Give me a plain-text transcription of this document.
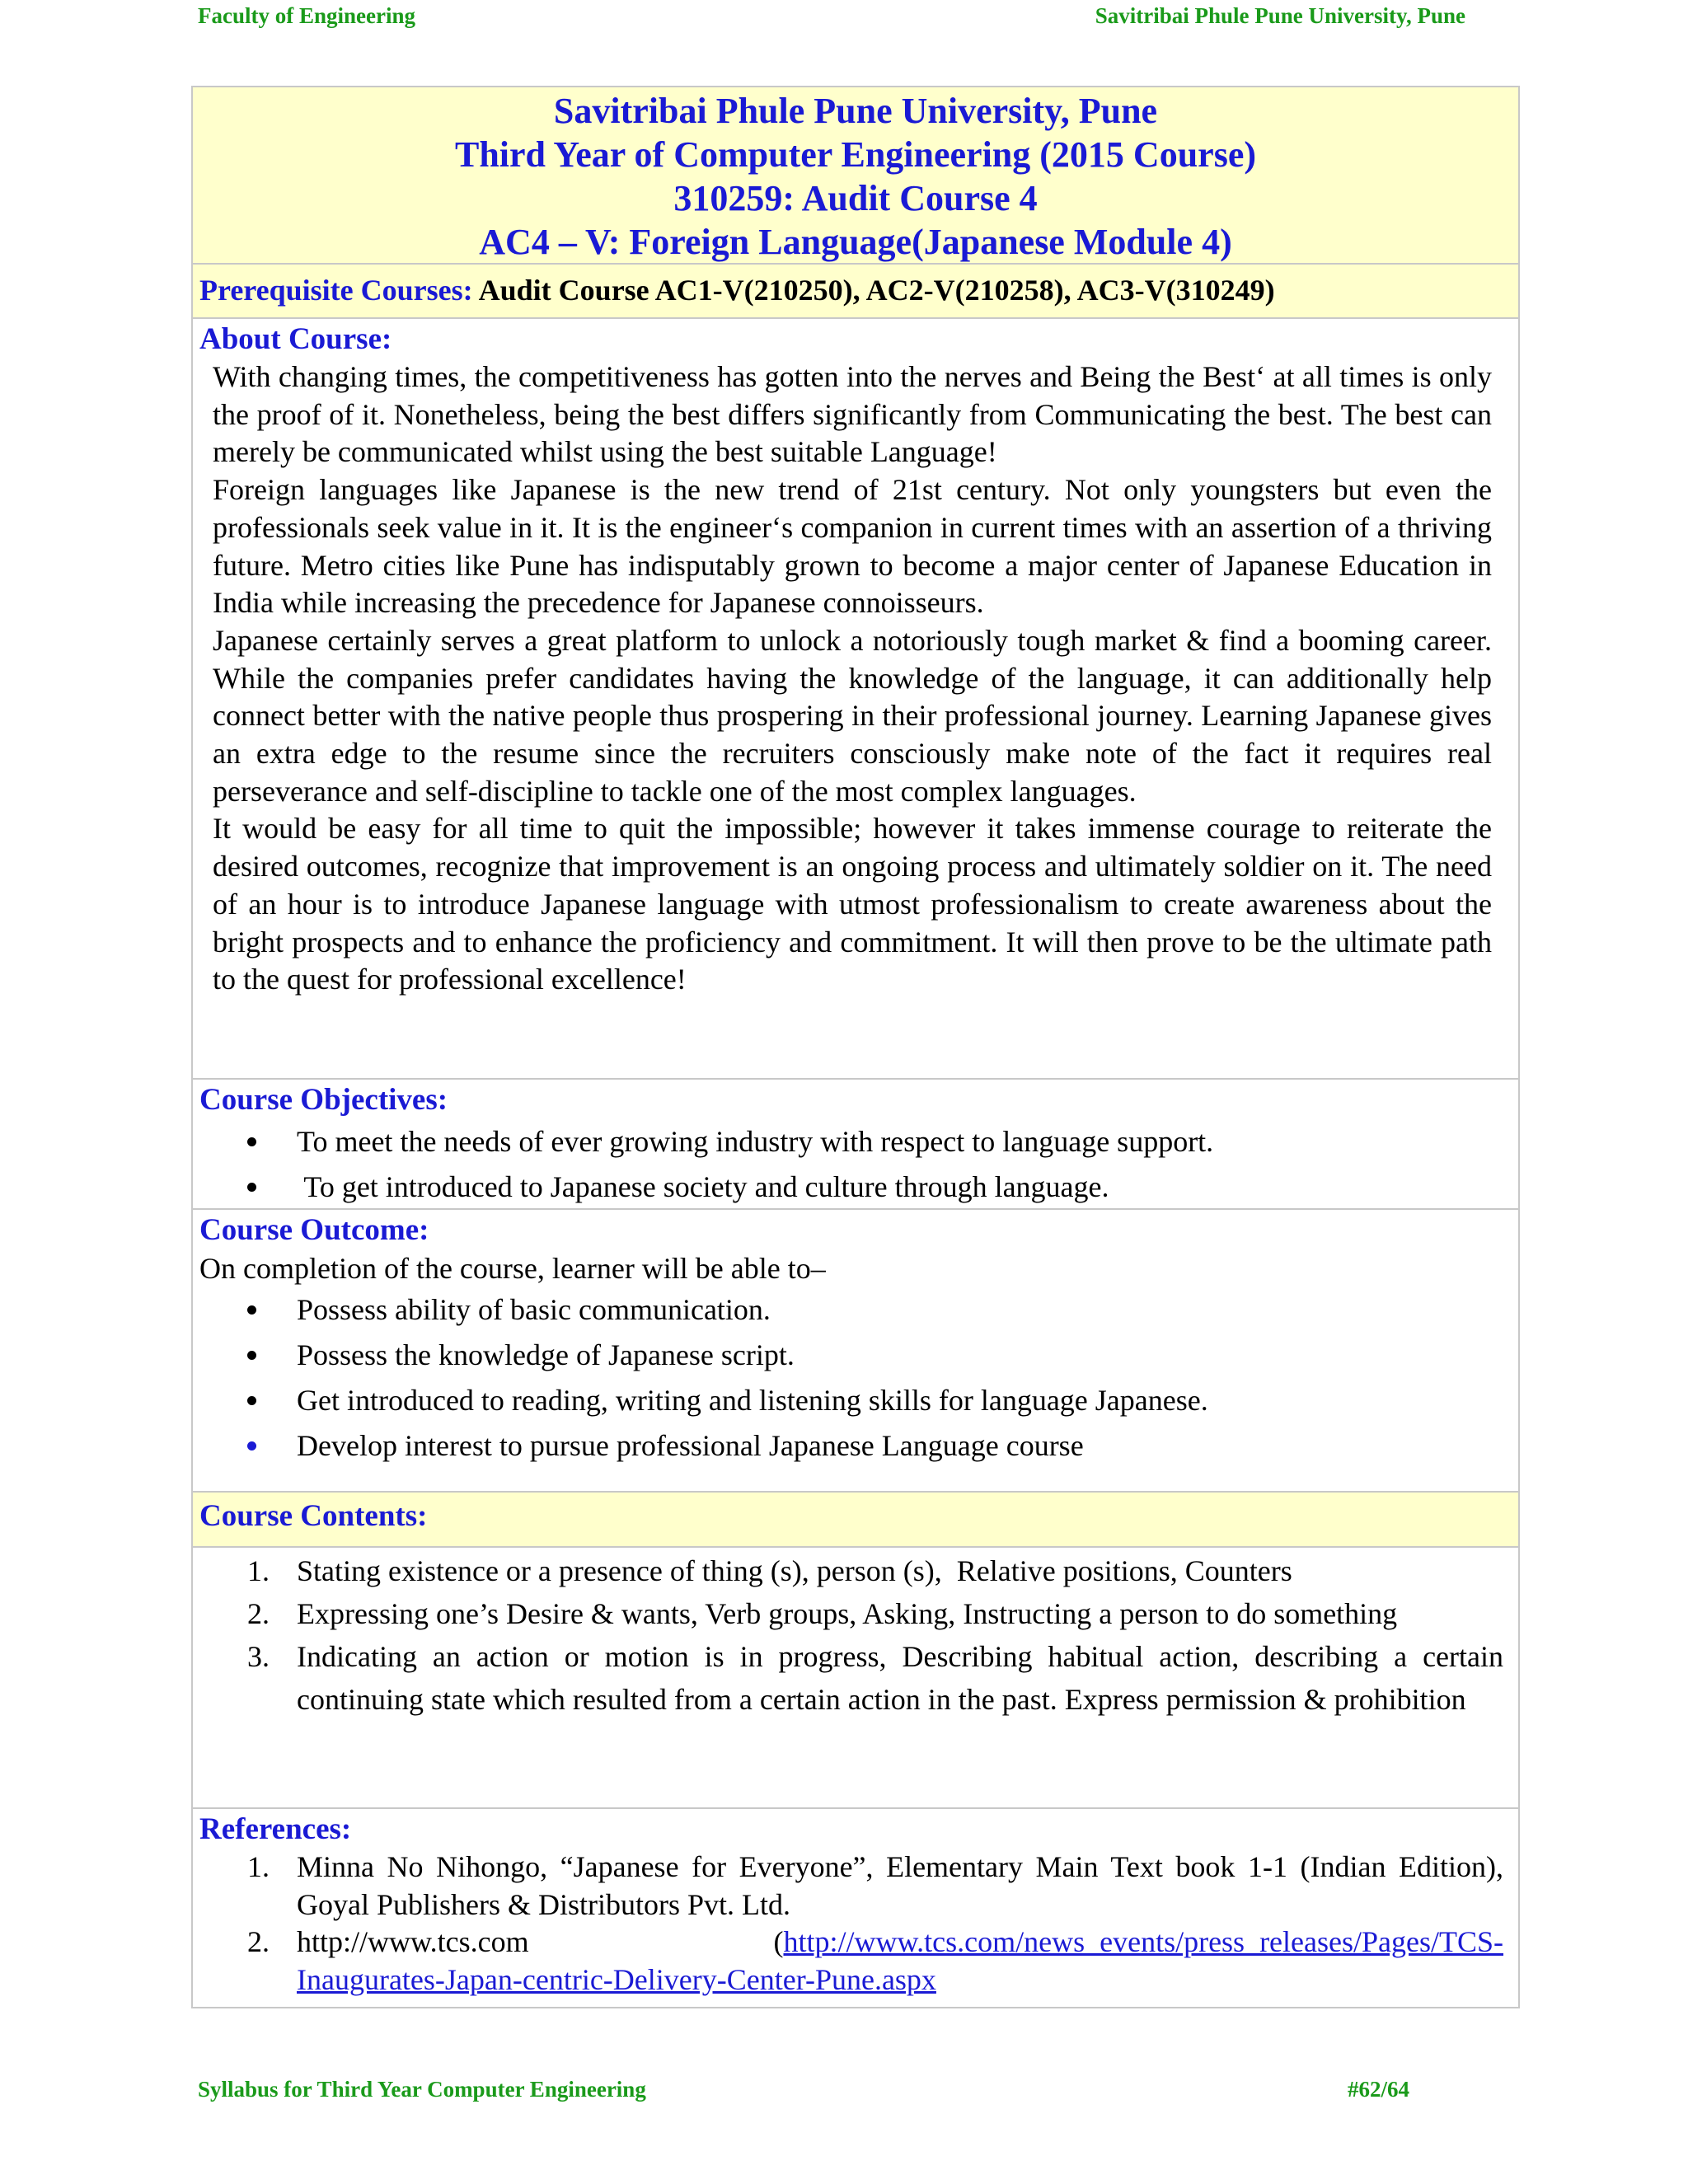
Faculty of Engineering	Savitribai Phule Pune University, Pune
Savitribai Phule Pune University, Pune
Third Year of Computer Engineering (2015 Course)
310259: Audit Course 4
AC4 – V: Foreign Language(Japanese Module 4)
Prerequisite Courses: Audit Course AC1-V(210250), AC2-V(210258), AC3-V(310249)
About Course:

With changing times, the competitiveness has gotten into the nerves and Being the Best‘ at all times is only the proof of it. Nonetheless, being the best differs significantly from Communicating the best. The best can merely be communicated whilst using the best suitable Language!

Foreign languages like Japanese is the new trend of 21st century. Not only youngsters but even the professionals seek value in it. It is the engineer‘s companion in current times with an assertion of a thriving future. Metro cities like Pune has indisputably grown to become a major center of Japanese Education in India while increasing the precedence for Japanese connoisseurs.

Japanese certainly serves a great platform to unlock a notoriously tough market & find a booming career. While the companies prefer candidates having the knowledge of the language, it can additionally help connect better with the native people thus prospering in their professional journey. Learning Japanese gives an extra edge to the resume since the recruiters consciously make note of the fact it requires real perseverance and self-discipline to tackle one of the most complex languages.

It would be easy for all time to quit the impossible; however it takes immense courage to reiterate the desired outcomes, recognize that improvement is an ongoing process and ultimately soldier on it. The need of an hour is to introduce Japanese language with utmost professionalism to create awareness about the bright prospects and to enhance the proficiency and commitment. It will then prove to be the ultimate path to the quest for professional excellence!

Course Objectives:
To meet the needs of ever growing industry with respect to language support.
To get introduced to Japanese society and culture through language.
Course Outcome:
On completion of the course, learner will be able to–
Possess ability of basic communication.
Possess the knowledge of Japanese script.
Get introduced to reading, writing and listening skills for language Japanese.
Develop interest to pursue professional Japanese Language course
Course Contents:
1. Stating existence or a presence of thing (s), person (s),  Relative positions, Counters
2. Expressing one’s Desire & wants, Verb groups, Asking, Instructing a person to do something
3. Indicating an action or motion is in progress, Describing habitual action, describing a certain continuing state which resulted from a certain action in the past. Express permission & prohibition
References:
1. Minna No Nihongo, “Japanese for Everyone”, Elementary Main Text book 1-1 (Indian Edition), Goyal Publishers & Distributors Pvt. Ltd.
2. http://www.tcs.com	(http://www.tcs.com/news_events/press_releases/Pages/TCS-
Inaugurates-Japan-centric-Delivery-Center-Pune.aspx
Syllabus for Third Year Computer Engineering	#62/64
